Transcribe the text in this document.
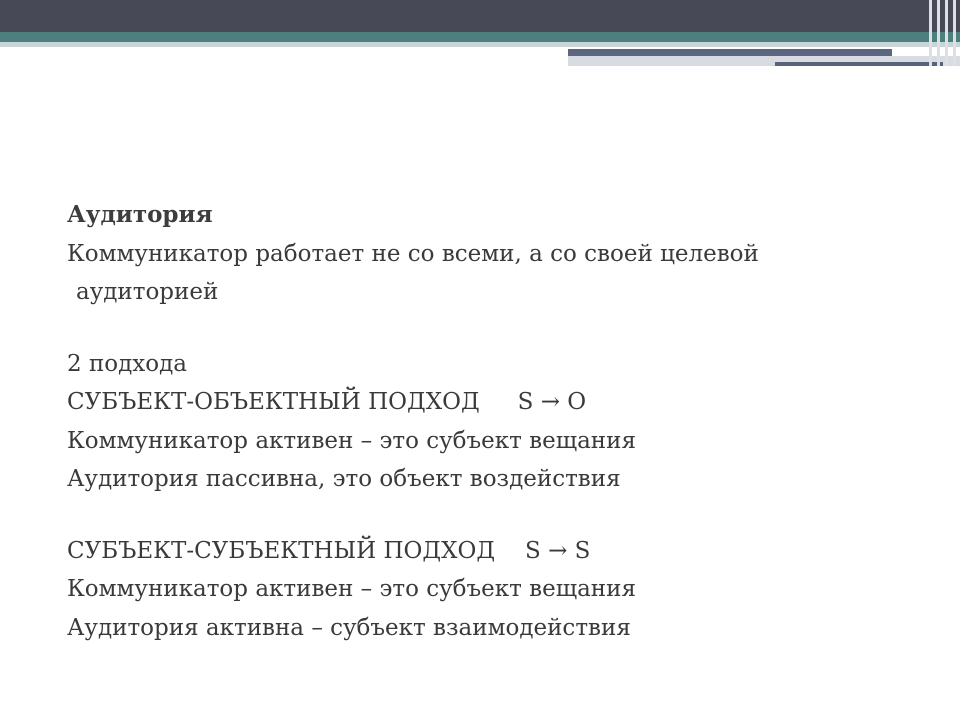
Аудитория
Коммуникатор работает не со всеми, а со своей целевой
аудиторией
2 подхода
СУБЪЕКТ-ОБЪЕКТНЫЙ ПОДХОД S → O
Коммуникатор активен – это субъект вещания
Аудитория пассивна, это объект воздействия
СУБЪЕКТ-СУБЪЕКТНЫЙ ПОДХОД S → S
Коммуникатор активен – это субъект вещания
Аудитория активна – субъект взаимодействия
